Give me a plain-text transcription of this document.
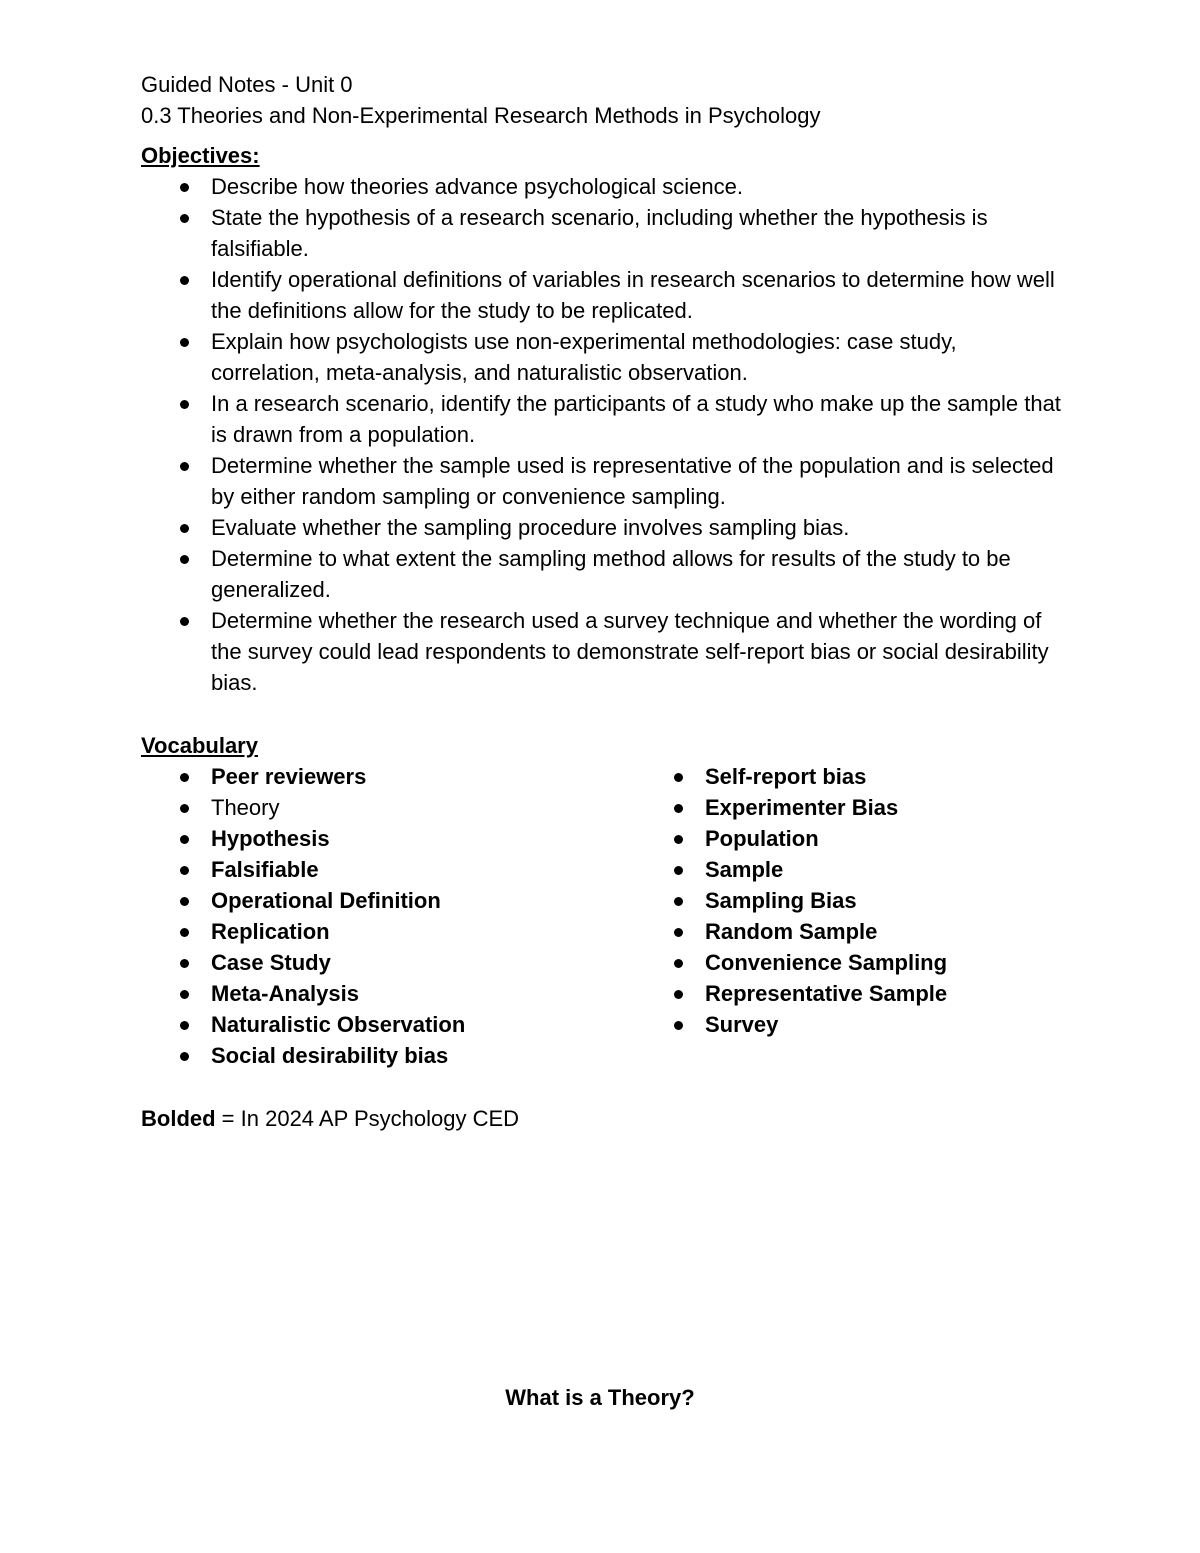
Guided Notes - Unit 0
0.3 Theories and Non-Experimental Research Methods in Psychology
Objectives:
Describe how theories advance psychological science.
State the hypothesis of a research scenario, including whether the hypothesis is falsifiable.
Identify operational definitions of variables in research scenarios to determine how well the definitions allow for the study to be replicated.
Explain how psychologists use non-experimental methodologies: case study, correlation, meta-analysis, and naturalistic observation.
In a research scenario, identify the participants of a study who make up the sample that is drawn from a population.
Determine whether the sample used is representative of the population and is selected by either random sampling or convenience sampling.
Evaluate whether the sampling procedure involves sampling bias.
Determine to what extent the sampling method allows for results of the study to be generalized.
Determine whether the research used a survey technique and whether the wording of the survey could lead respondents to demonstrate self-report bias or social desirability bias.
Vocabulary
Peer reviewers
Theory
Hypothesis
Falsifiable
Operational Definition
Replication
Case Study
Meta-Analysis
Naturalistic Observation
Social desirability bias
Self-report bias
Experimenter Bias
Population
Sample
Sampling Bias
Random Sample
Convenience Sampling
Representative Sample
Survey
Bolded = In 2024 AP Psychology CED
What is a Theory?
